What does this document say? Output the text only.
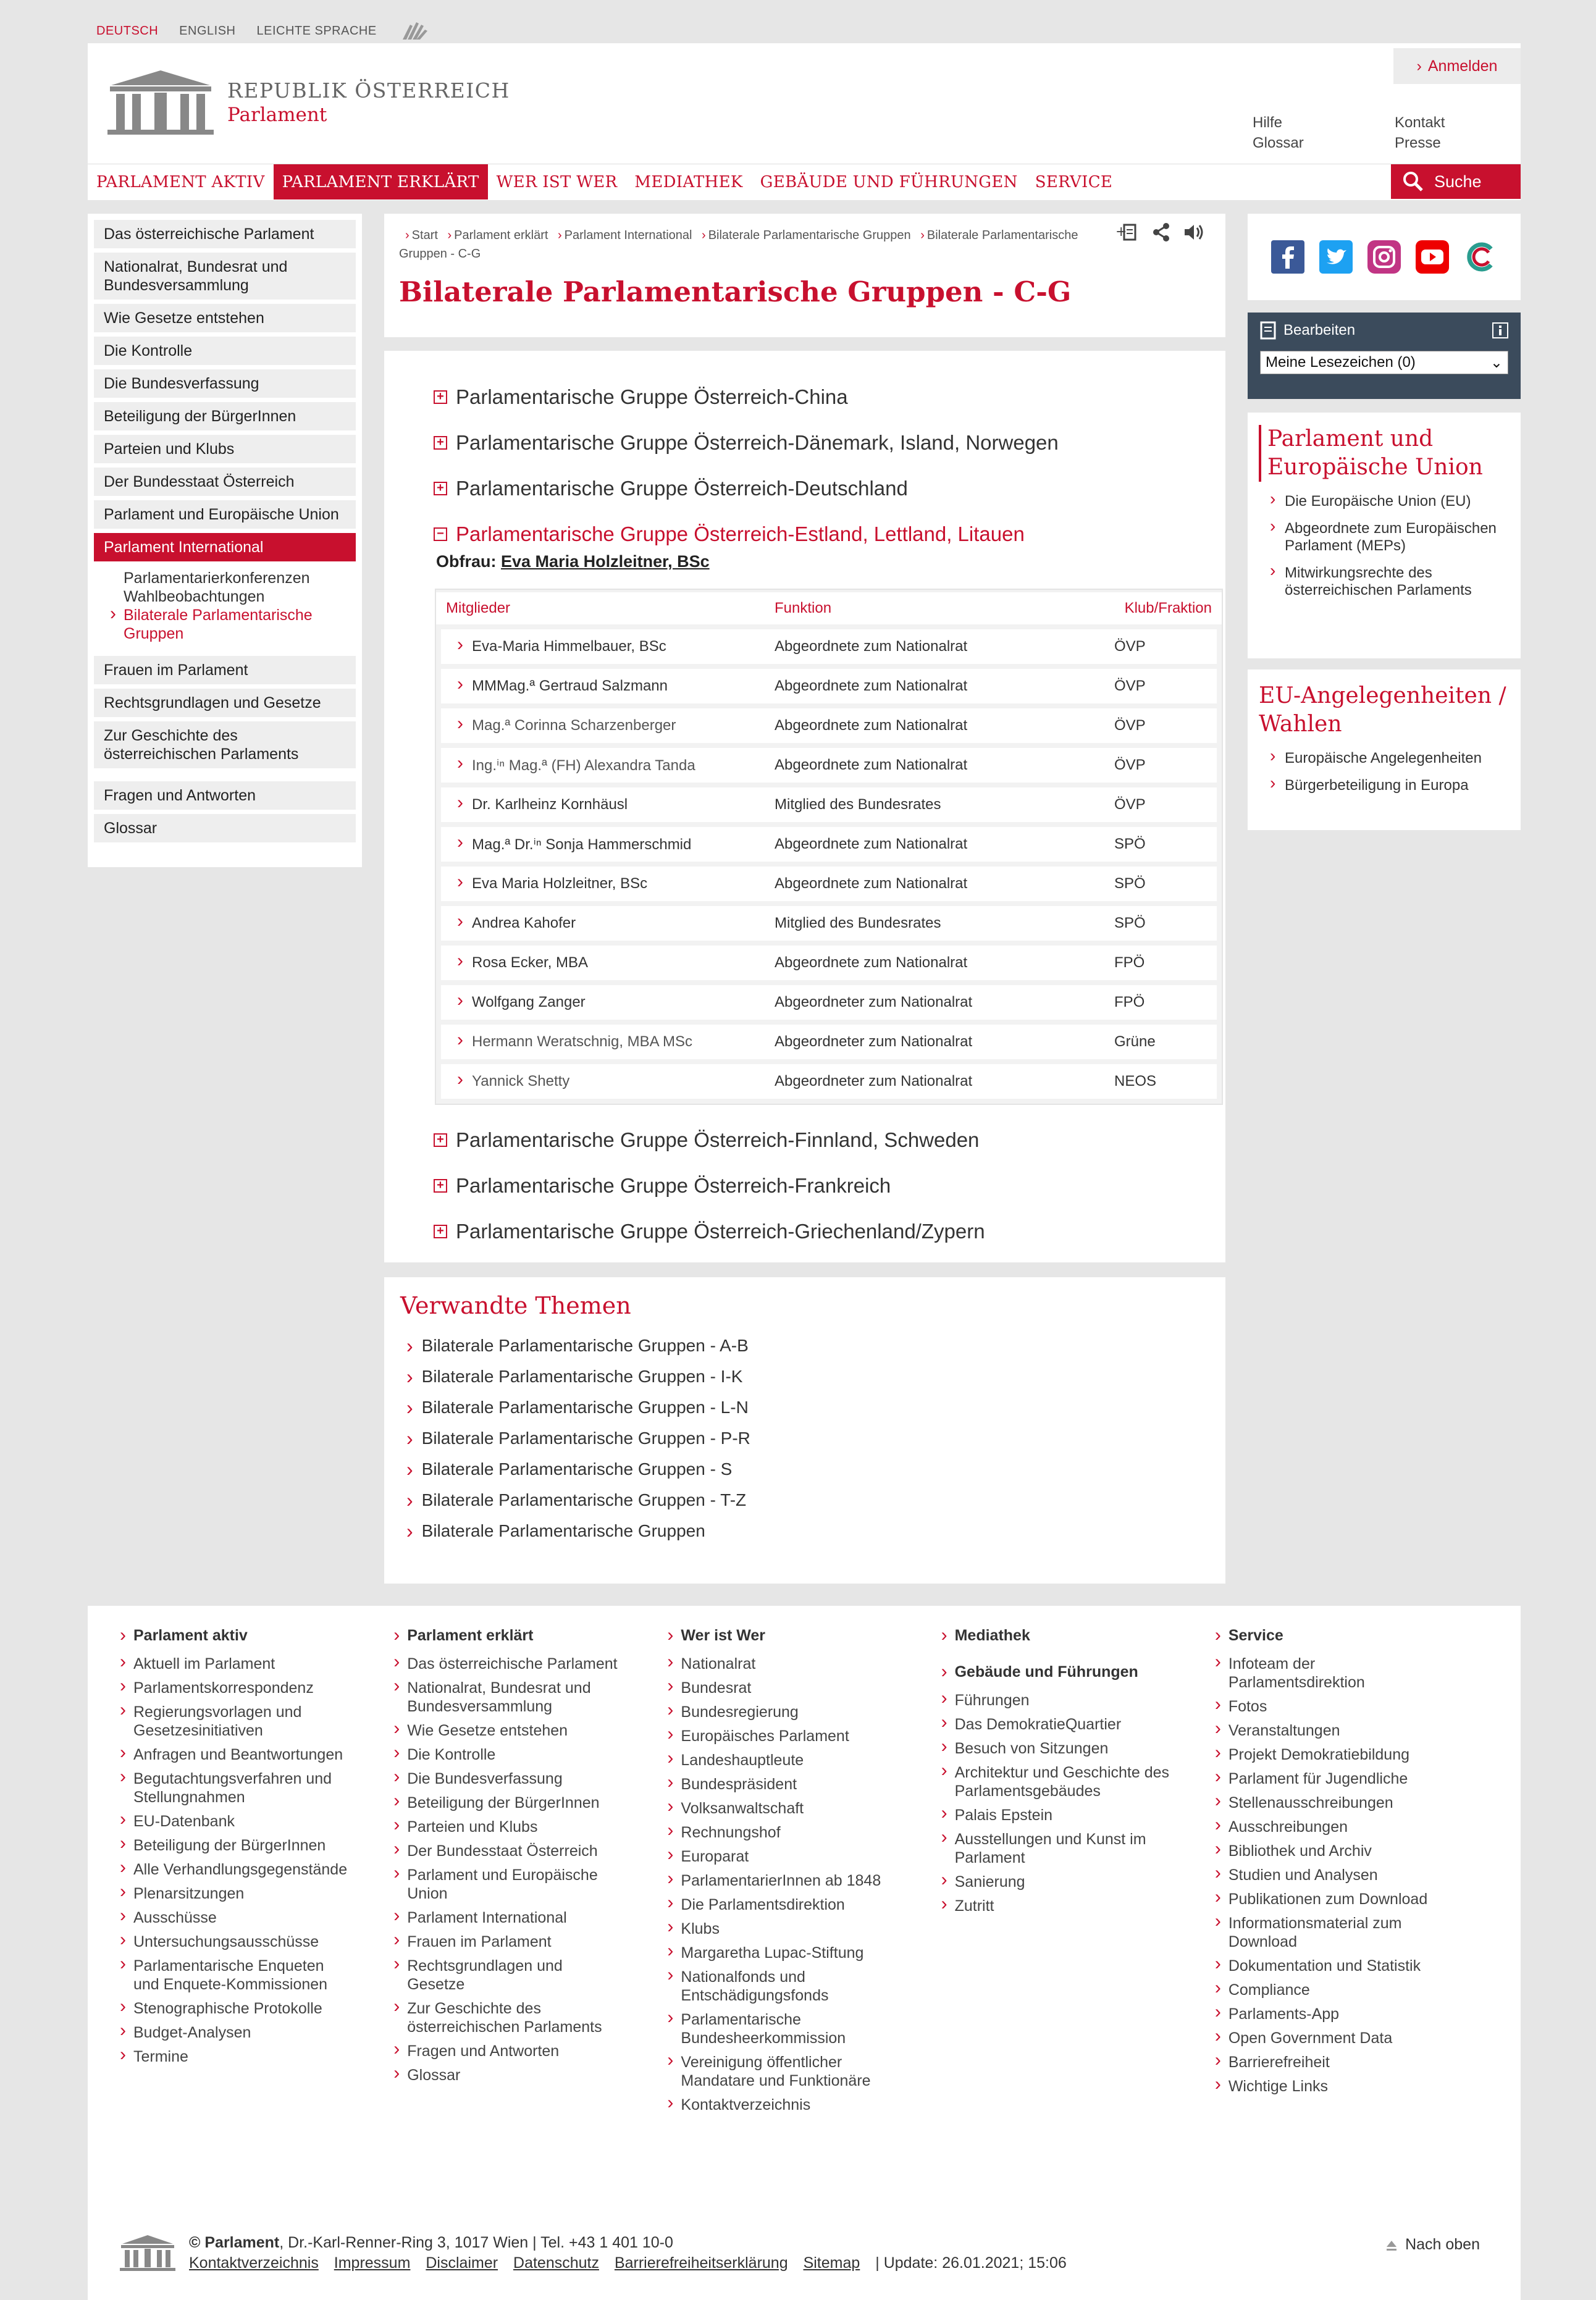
DEUTSCH ENGLISH LEICHTE SPRACHE
REPUBLIK ÖSTERREICH
Parlament
› Anmelden
Hilfe
Glossar
Kontakt
Presse
PARLAMENT AKTIV	PARLAMENT ERKLÄRT	WER IST WER	MEDIATHEK	GEBÄUDE UND FÜHRUNGEN	SERVICE	Suche
Das österreichische Parlament
Nationalrat, Bundesrat und Bundesversammlung
Wie Gesetze entstehen
Die Kontrolle
Die Bundesverfassung
Beteiligung der BürgerInnen
Parteien und Klubs
Der Bundesstaat Österreich
Parlament und Europäische Union
Parlament International
Parlamentarierkonferenzen
Wahlbeobachtungen
› Bilaterale Parlamentarische Gruppen
Frauen im Parlament
Rechtsgrundlagen und Gesetze
Zur Geschichte des österreichischen Parlaments
Fragen und Antworten
Glossar
› Start › Parlament erklärt › Parlament International › Bilaterale Parlamentarische Gruppen › Bilaterale Parlamentarische Gruppen - C-G
+
Bilaterale Parlamentarische Gruppen - C-G
+ Parlamentarische Gruppe Österreich-China
+ Parlamentarische Gruppe Österreich-Dänemark, Island, Norwegen
+ Parlamentarische Gruppe Österreich-Deutschland
− Parlamentarische Gruppe Österreich-Estland, Lettland, Litauen
Obfrau: Eva Maria Holzleitner, BSc
Mitglieder	Funktion	Klub/Fraktion
› Eva-Maria Himmelbauer, BSc	Abgeordnete zum Nationalrat	ÖVP
› MMMag.ª Gertraud Salzmann	Abgeordnete zum Nationalrat	ÖVP
› Mag.ª Corinna Scharzenberger	Abgeordnete zum Nationalrat	ÖVP
› Ing.ⁱⁿ Mag.ª (FH) Alexandra Tanda	Abgeordnete zum Nationalrat	ÖVP
› Dr. Karlheinz Kornhäusl	Mitglied des Bundesrates	ÖVP
› Mag.ª Dr.ⁱⁿ Sonja Hammerschmid	Abgeordnete zum Nationalrat	SPÖ
› Eva Maria Holzleitner, BSc	Abgeordnete zum Nationalrat	SPÖ
› Andrea Kahofer	Mitglied des Bundesrates	SPÖ
› Rosa Ecker, MBA	Abgeordnete zum Nationalrat	FPÖ
› Wolfgang Zanger	Abgeordneter zum Nationalrat	FPÖ
› Hermann Weratschnig, MBA MSc	Abgeordneter zum Nationalrat	Grüne
› Yannick Shetty	Abgeordneter zum Nationalrat	NEOS
+ Parlamentarische Gruppe Österreich-Finnland, Schweden
+ Parlamentarische Gruppe Österreich-Frankreich
+ Parlamentarische Gruppe Österreich-Griechenland/Zypern
Verwandte Themen
› Bilaterale Parlamentarische Gruppen - A-B
› Bilaterale Parlamentarische Gruppen - I-K
› Bilaterale Parlamentarische Gruppen - L-N
› Bilaterale Parlamentarische Gruppen - P-R
› Bilaterale Parlamentarische Gruppen - S
› Bilaterale Parlamentarische Gruppen - T-Z
› Bilaterale Parlamentarische Gruppen
Bearbeiten
Meine Lesezeichen (0)	⌄
Parlament und Europäische Union
› Die Europäische Union (EU)
› Abgeordnete zum Europäischen Parlament (MEPs)
› Mitwirkungsrechte des österreichischen Parlaments
EU-Angelegenheiten / Wahlen
› Europäische Angelegenheiten
› Bürgerbeteiligung in Europa
› Parlament aktiv
› Aktuell im Parlament
› Parlamentskorrespondenz
› Regierungsvorlagen und Gesetzesinitiativen
› Anfragen und Beantwortungen
› Begutachtungsverfahren und Stellungnahmen
› EU-Datenbank
› Beteiligung der BürgerInnen
› Alle Verhandlungsgegenstände
› Plenarsitzungen
› Ausschüsse
› Untersuchungsausschüsse
› Parlamentarische Enqueten und Enquete-Kommissionen
› Stenographische Protokolle
› Budget-Analysen
› Termine
› Parlament erklärt
› Das österreichische Parlament
› Nationalrat, Bundesrat und Bundesversammlung
› Wie Gesetze entstehen
› Die Kontrolle
› Die Bundesverfassung
› Beteiligung der BürgerInnen
› Parteien und Klubs
› Der Bundesstaat Österreich
› Parlament und Europäische Union
› Parlament International
› Frauen im Parlament
› Rechtsgrundlagen und Gesetze
› Zur Geschichte des österreichischen Parlaments
› Fragen und Antworten
› Glossar
› Wer ist Wer
› Nationalrat
› Bundesrat
› Bundesregierung
› Europäisches Parlament
› Landeshauptleute
› Bundespräsident
› Volksanwaltschaft
› Rechnungshof
› Europarat
› ParlamentarierInnen ab 1848
› Die Parlamentsdirektion
› Klubs
› Margaretha Lupac-Stiftung
› Nationalfonds und Entschädigungsfonds
› Parlamentarische Bundesheerkommission
› Vereinigung öffentlicher Mandatare und Funktionäre
› Kontaktverzeichnis
› Mediathek
› Gebäude und Führungen
› Führungen
› Das DemokratieQuartier
› Besuch von Sitzungen
› Architektur und Geschichte des Parlamentsgebäudes
› Palais Epstein
› Ausstellungen und Kunst im Parlament
› Sanierung
› Zutritt
› Service
› Infoteam der Parlamentsdirektion
› Fotos
› Veranstaltungen
› Projekt Demokratiebildung
› Parlament für Jugendliche
› Stellenausschreibungen
› Ausschreibungen
› Bibliothek und Archiv
› Studien und Analysen
› Publikationen zum Download
› Informationsmaterial zum Download
› Dokumentation und Statistik
› Compliance
› Parlaments-App
› Open Government Data
› Barrierefreiheit
› Wichtige Links
© Parlament, Dr.-Karl-Renner-Ring 3, 1017 Wien | Tel. +43 1 401 10-0
Kontaktverzeichnis Impressum Disclaimer Datenschutz Barrierefreiheitserklärung Sitemap | Update: 26.01.2021; 15:06
Nach oben
